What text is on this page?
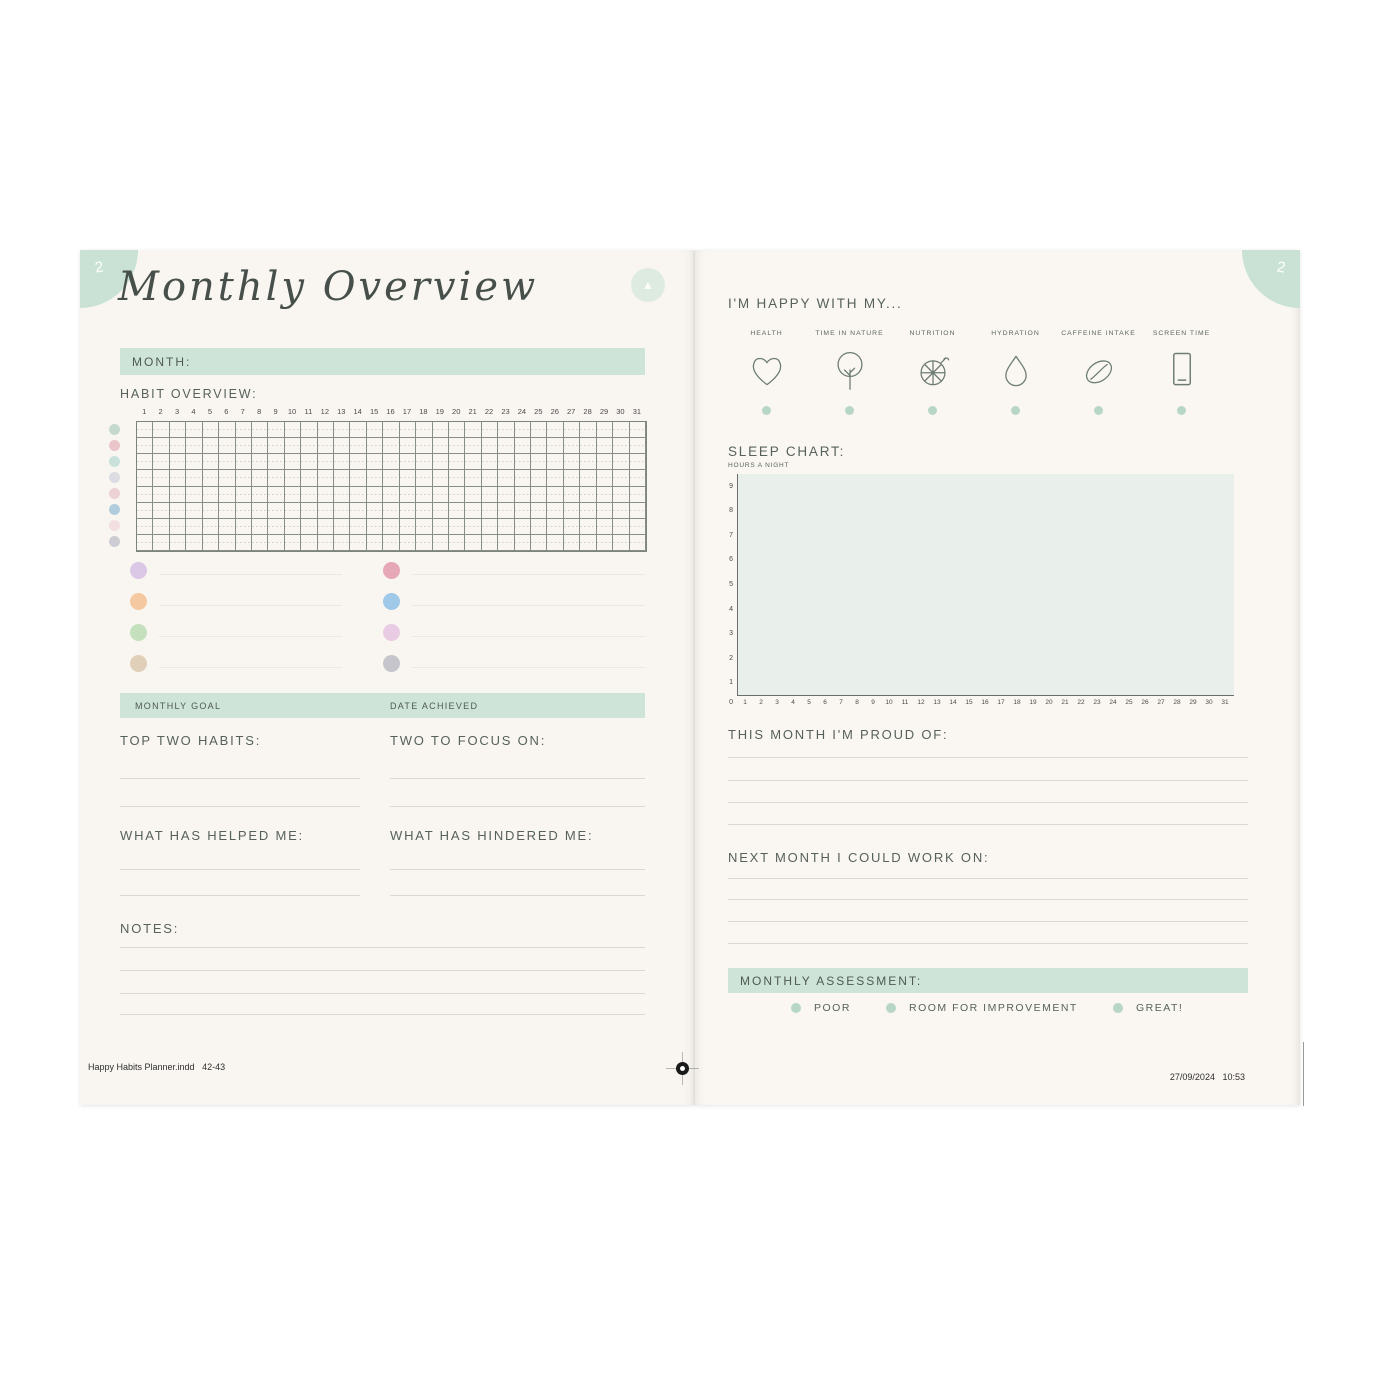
2
▲
Monthly Overview
MONTH:
HABIT OVERVIEW:
1	2	3	4	5	6	7	8	9	10	11	12	13	14	15	16	17	18	19	20	21	22	23	24	25	26	27	28	29	30	31
MONTHLY GOAL	DATE ACHIEVED
TOP TWO HABITS:	TWO TO FOCUS ON:
WHAT HAS HELPED ME:	WHAT HAS HINDERED ME:
NOTES:
Happy Habits Planner.indd   42-43
2
I'M HAPPY WITH MY...
HEALTH	TIME IN NATURE	NUTRITION	HYDRATION	CAFFEINE INTAKE	SCREEN TIME
SLEEP CHART:
HOURS A NIGHT
9
8
7
6
5
4
3
2
1
0	1	2	3	4	5	6	7	8	9	10	11	12	13	14	15	16	17	18	19	20	21	22	23	24	25	26	27	28	29	30	31
THIS MONTH I'M PROUD OF:
NEXT MONTH I COULD WORK ON:
MONTHLY ASSESSMENT:
POOR	ROOM FOR IMPROVEMENT	GREAT!

27/09/2024 10:53
